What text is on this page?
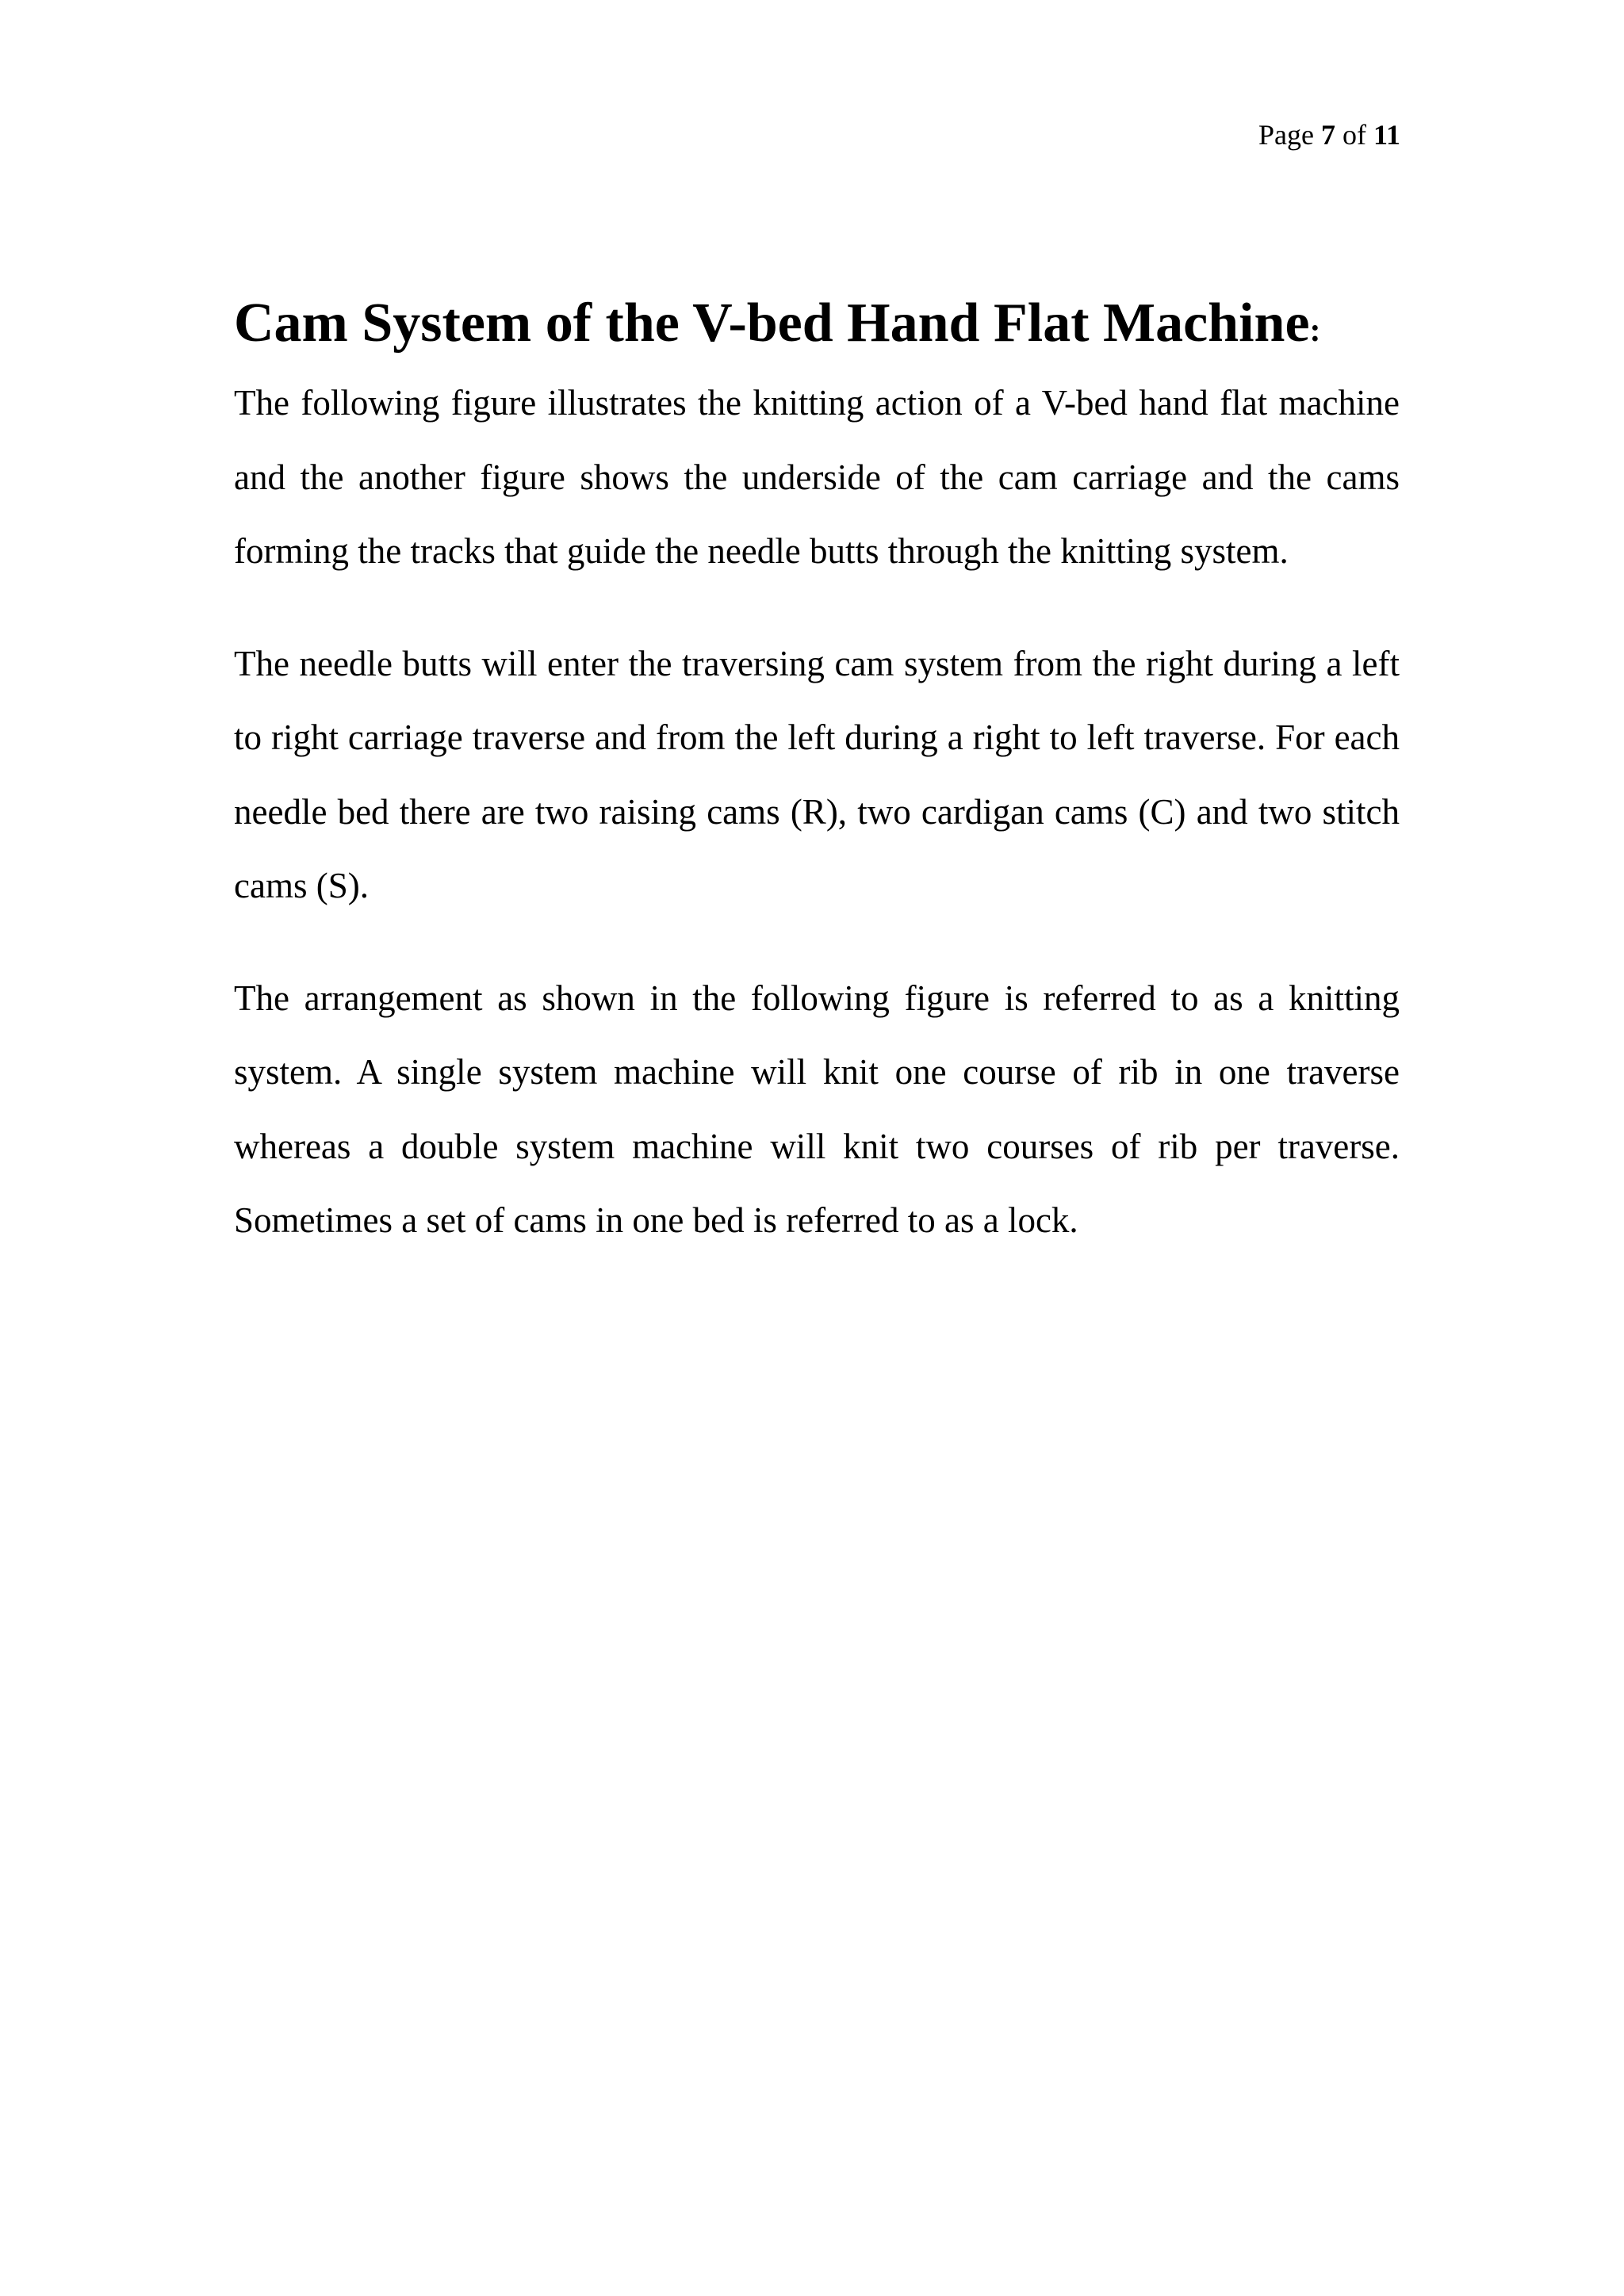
Page 7 of 11
Cam System of the V-bed Hand Flat Machine:

The following figure illustrates the knitting action of a V-bed hand flat machine and the another figure shows the underside of the cam carriage and the cams forming the tracks that guide the needle butts through the knitting system.

The needle butts will enter the traversing cam system from the right during a left to right carriage traverse and from the left during a right to left traverse. For each needle bed there are two raising cams (R), two cardigan cams (C) and two stitch cams (S).

The arrangement as shown in the following figure is referred to as a knitting system. A single system machine will knit one course of rib in one traverse whereas a double system machine will knit two courses of rib per traverse. Sometimes a set of cams in one bed is referred to as a lock.
